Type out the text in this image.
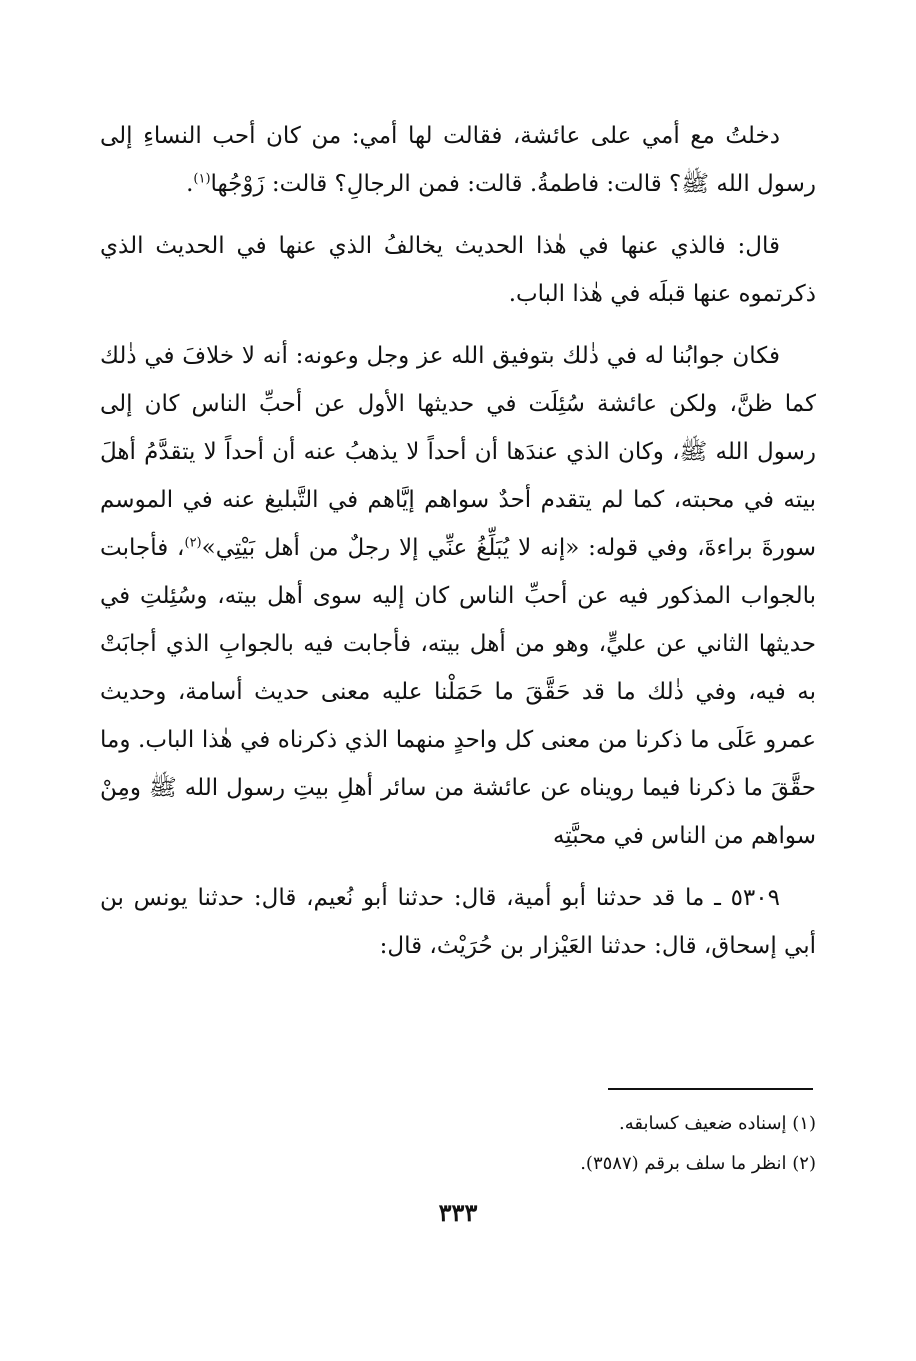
دخلتُ مع أمي على عائشة، فقالت لها أمي: من كان أحب النساءِ إلى رسول الله ﷺ؟ قالت: فاطمةُ. قالت: فمن الرجالِ؟ قالت: زَوْجُها$^{(١)}$.

قال: فالذي عنها في هٰذا الحديث يخالفُ الذي عنها في الحديث الذي ذكرتموه عنها قبلَه في هٰذا الباب.

فكان جوابُنا له في ذٰلك بتوفيق الله عز وجل وعونه: أنه لا خلافَ في ذٰلك كما ظنَّ، ولكن عائشة سُئِلَت في حديثها الأول عن أحبِّ الناس كان إلى رسول الله ﷺ، وكان الذي عندَها أن أحداً لا يذهبُ عنه أن أحداً لا يتقدَّمُ أهلَ بيته في محبته، كما لم يتقدم أحدٌ سواهم إيَّاهم في التَّبليغ عنه في الموسم سورةَ براءةَ، وفي قوله: «إنه لا يُبَلِّغُ عنِّي إلا رجلٌ من أهل بَيْتِي»$^{(٢)}$، فأجابت بالجواب المذكور فيه عن أحبِّ الناس كان إليه سوى أهل بيته، وسُئِلتِ في حديثها الثاني عن عليٍّ، وهو من أهل بيته، فأجابت فيه بالجوابِ الذي أجابَتْ به فيه، وفي ذٰلك ما قد حَقَّقَ ما حَمَلْنا عليه معنى حديث أسامة، وحديث عمرو عَلَى ما ذكرنا من معنى كل واحدٍ منهما الذي ذكرناه في هٰذا الباب. وما حقَّقَ ما ذكرنا فيما رويناه عن عائشة من سائر أهلِ بيتِ رسول الله ﷺ ومِنْ سواهم من الناس في محبَّتِه

٥٣٠٩ ـ ما قد حدثنا أبو أمية، قال: حدثنا أبو نُعيم، قال: حدثنا يونس بن أبي إسحاق، قال: حدثنا العَيْزار بن حُرَيْث، قال:

(١) إسناده ضعيف كسابقه.
(٢) انظر ما سلف برقم (٣٥٨٧).
٣٣٣
